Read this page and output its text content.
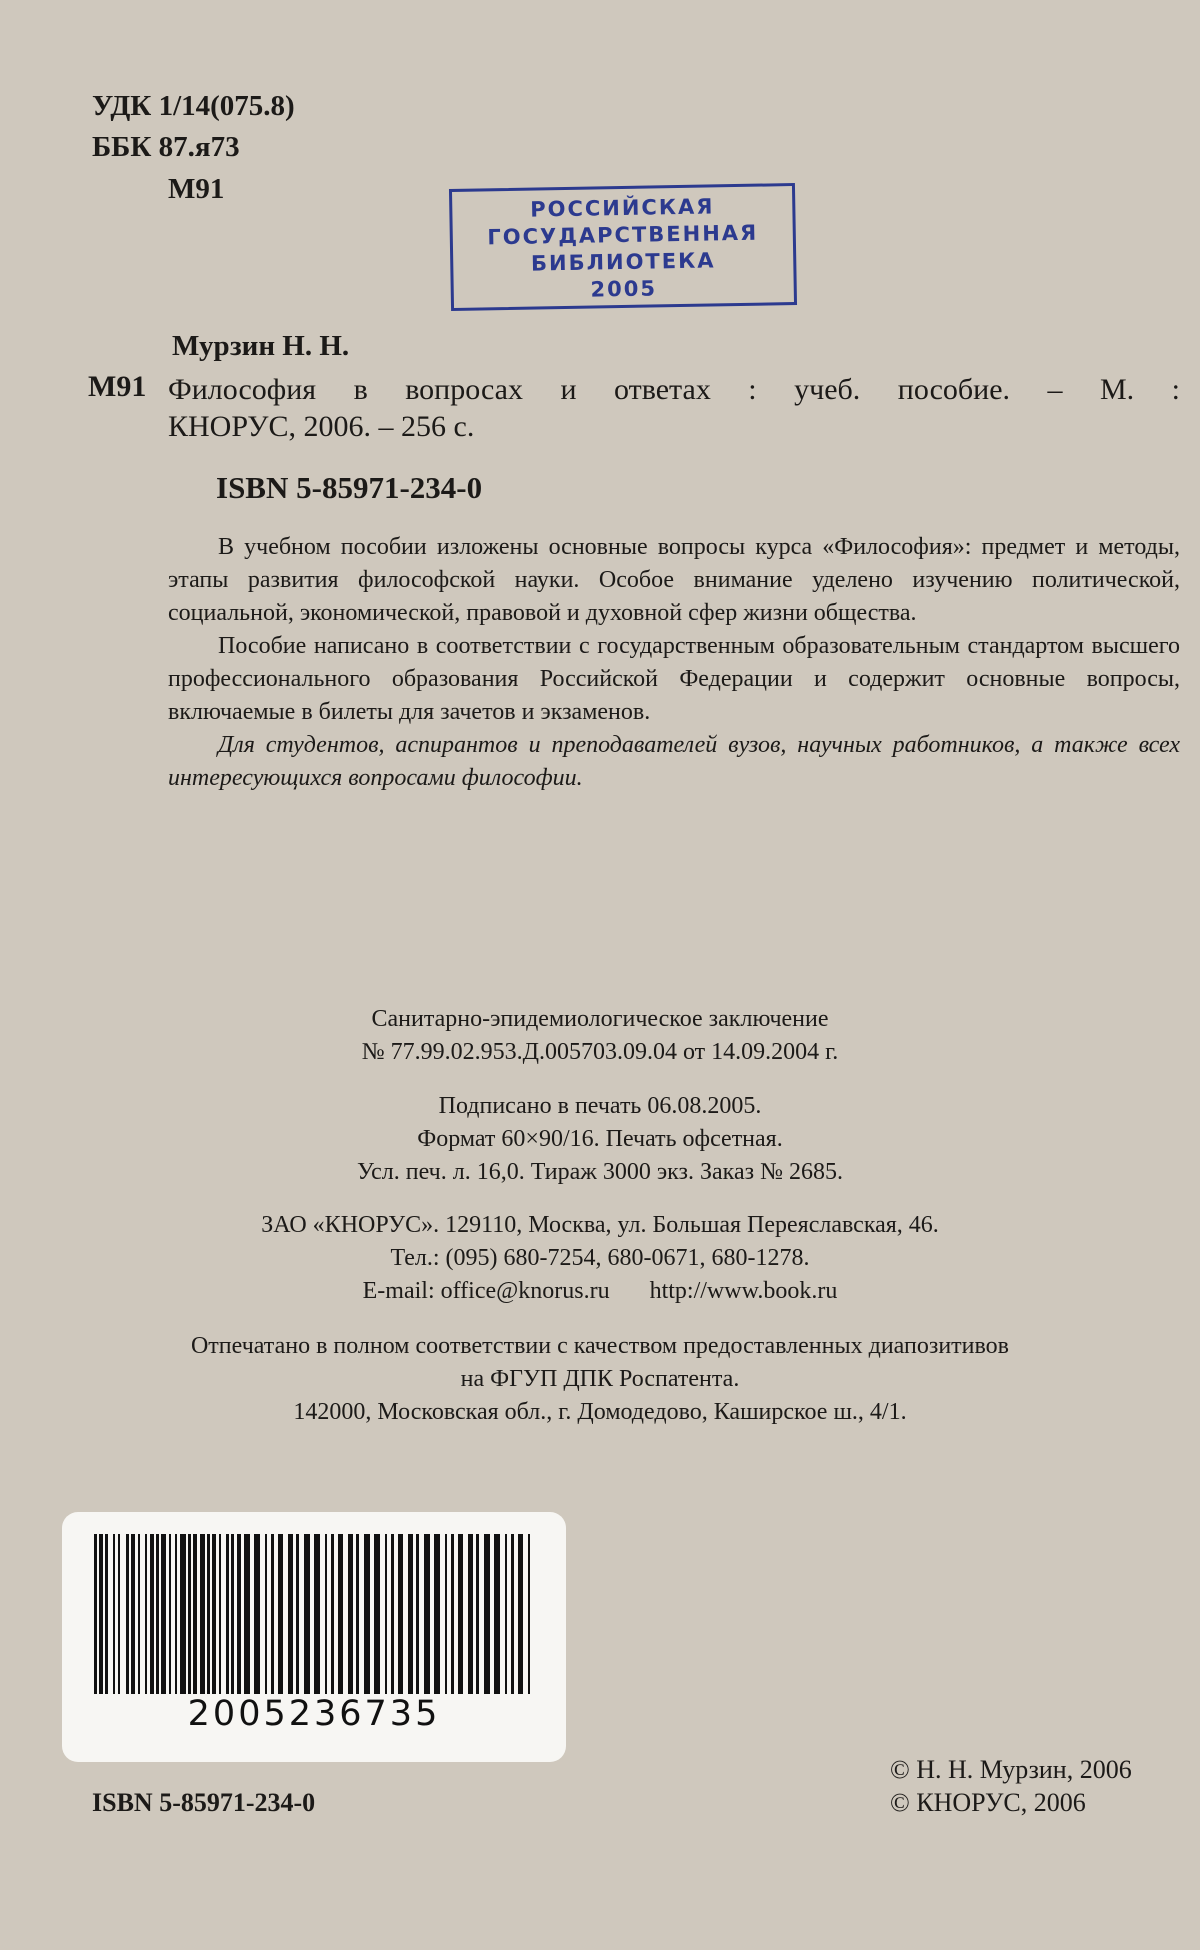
УДК 1/14(075.8)
ББК 87.я73
М91
РОССИЙСКАЯ
ГОСУДАРСТВЕННАЯ
БИБЛИОТЕКА
2005
Мурзин Н. Н.
М91 Философия в вопросах и ответах : учеб. пособие. – М. :
КНОРУС, 2006. – 256 с.
ISBN 5-85971-234-0

В учебном пособии изложены основные вопросы курса «Философия»: предмет и методы, этапы развития философской науки. Особое внимание уделено изучению политической, социальной, экономической, правовой и духовной сфер жизни общества.

Пособие написано в соответствии с государственным образовательным стандартом высшего профессионального образования Российской Федерации и содержит основные вопросы, включаемые в билеты для зачетов и экзаменов.

Для студентов, аспирантов и преподавателей вузов, научных работников, а также всех интересующихся вопросами философии.

Санитарно-эпидемиологическое заключение
№ 77.99.02.953.Д.005703.09.04 от 14.09.2004 г.
Подписано в печать 06.08.2005.
Формат 60×90/16. Печать офсетная.
Усл. печ. л. 16,0. Тираж 3000 экз. Заказ № 2685.
ЗАО «КНОРУС». 129110, Москва, ул. Большая Переяславская, 46.
Тел.: (095) 680-7254, 680-0671, 680-1278.
E-mail: office@knorus.ru http://www.book.ru
Отпечатано в полном соответствии с качеством предоставленных диапозитивов
на ФГУП ДПК Роспатента.
142000, Московская обл., г. Домодедово, Каширское ш., 4/1.
2005236735
ISBN 5-85971-234-0
© Н. Н. Мурзин, 2006
© КНОРУС, 2006
